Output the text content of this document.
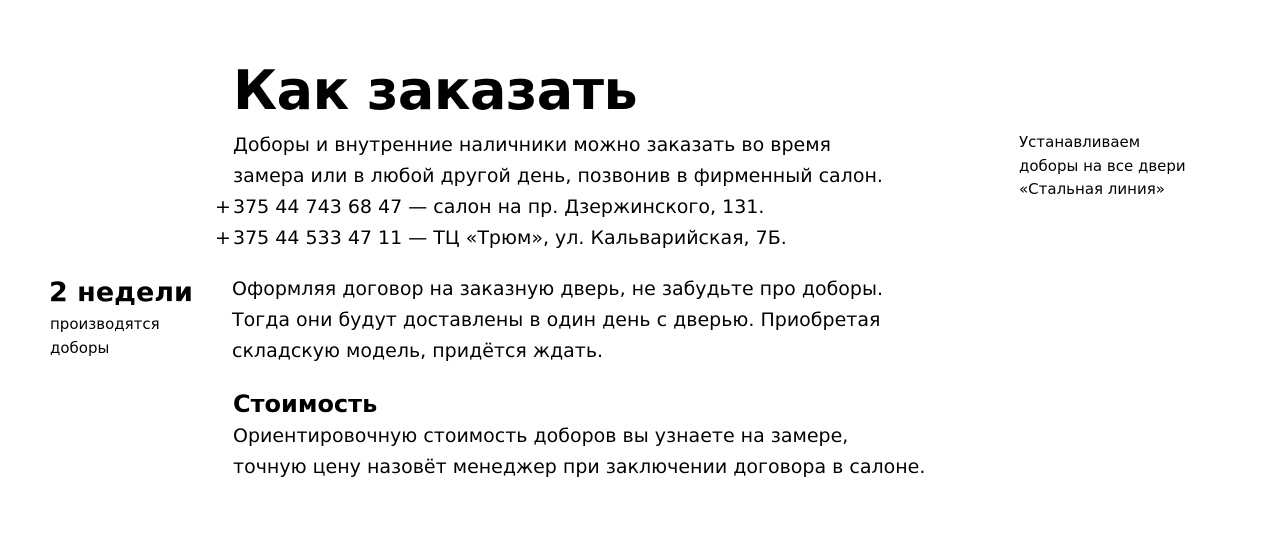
Как заказать
Доборы и внутренние наличники можно заказать во время
замера или в любой другой день, позвонив в фирменный салон.
+ 375 44 743 68 47 — салон на пр. Дзержинского, 131.
+ 375 44 533 47 11 — ТЦ «Трюм», ул. Кальварийская, 7Б.
Устанавливаем
доборы на все двери
«Стальная линия»
2 недели
производятся
доборы
Оформляя договор на заказную дверь, не забудьте про доборы.
Тогда они будут доставлены в один день с дверью. Приобретая
складскую модель, придётся ждать.
Стоимость
Ориентировочную стоимость доборов вы узнаете на замере,
точную цену назовёт менеджер при заключении договора в салоне.
